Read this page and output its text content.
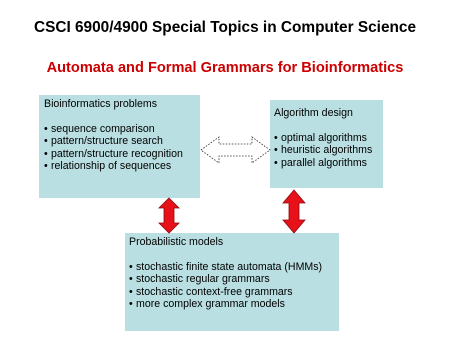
CSCI 6900/4900 Special Topics in Computer Science
Automata and Formal Grammars for Bioinformatics
Bioinformatics problems
• sequence comparison
• pattern/structure search
• pattern/structure recognition
• relationship of sequences
Algorithm design
• optimal algorithms
• heuristic algorithms
• parallel algorithms
Probabilistic models
• stochastic finite state automata (HMMs)
• stochastic regular grammars
• stochastic context-free grammars
• more complex grammar models
